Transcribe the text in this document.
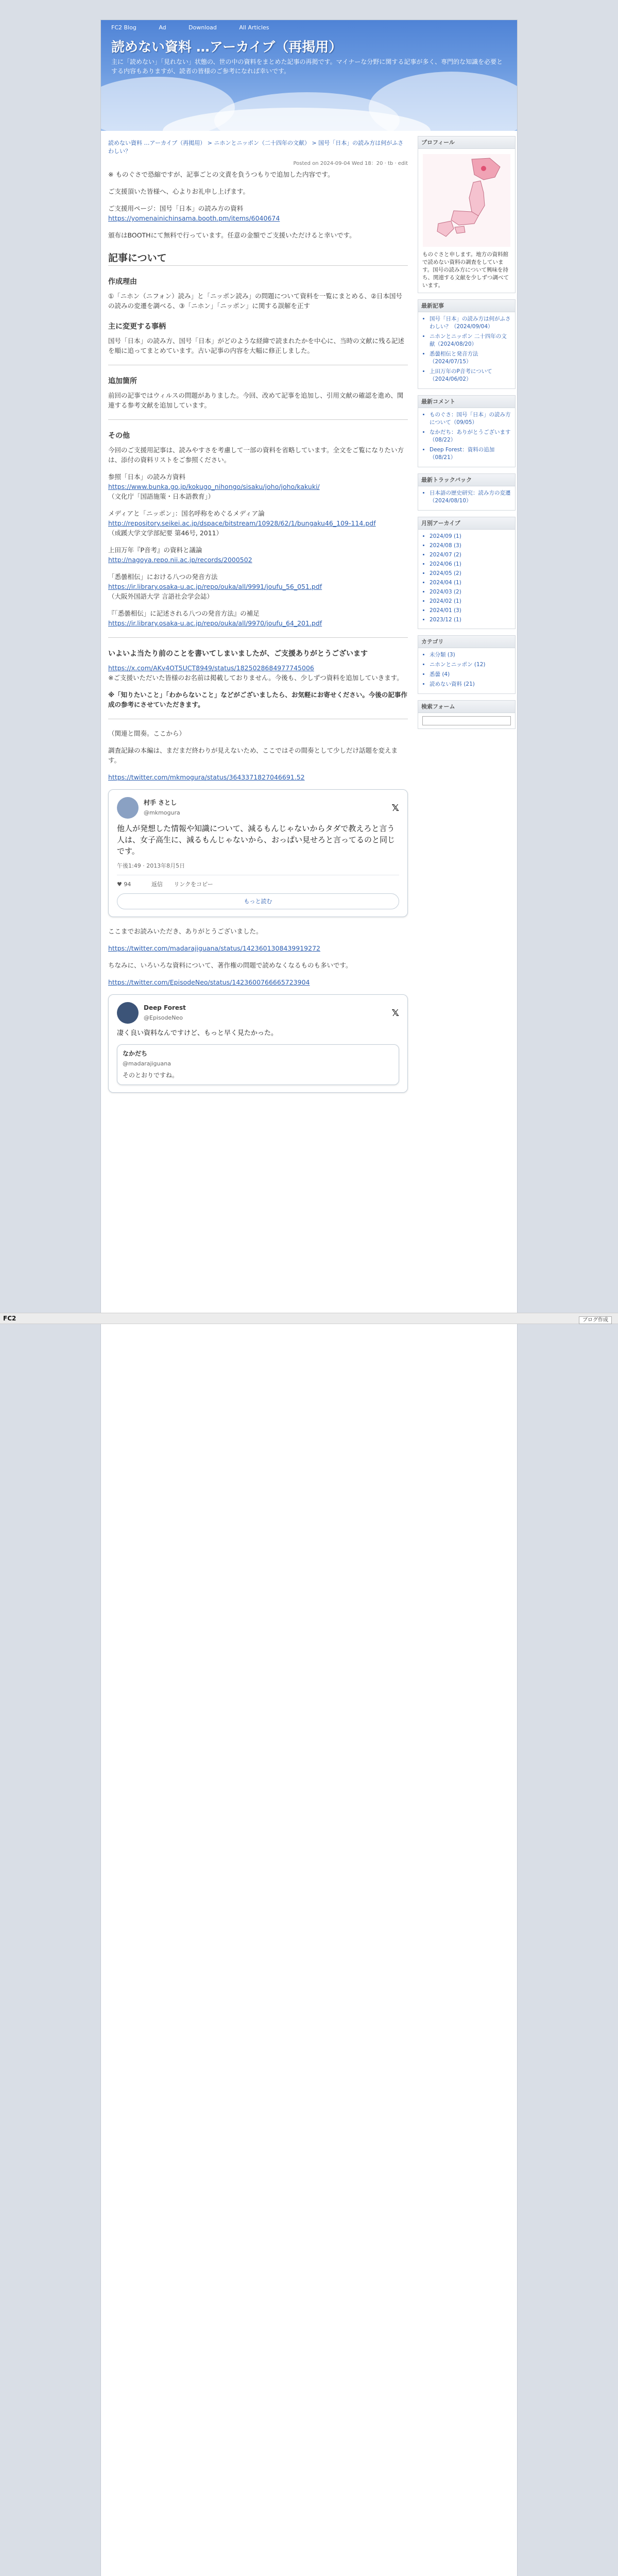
FC2 Blog	Ad	Download	All Articles
読めない資料 …アーカイブ（再掲用）
主に「読めない」「見れない」状態の、世の中の資料をまとめた記事の再掲です。マイナーな分野に関する記事が多く、専門的な知識を必要とする内容もありますが、読者の皆様のご参考になれば幸いです。
読めない資料 …アーカイブ（再掲用） > ニホンとニッポン（二十四年の文献） > 国号「日本」の読み方は何がふさわしい？
Posted on 2024-09-04 Wed 18：20 · tb · edit

※ ものぐさで恐縮ですが、記事ごとの文責を負うつもりで追加した内容です。

ご支援頂いた皆様へ、心よりお礼申し上げます。

ご支援用ページ：国号「日本」の読み方の資料
https://yomenainichinsama.booth.pm/items/6040674

頒布はBOOTHにて無料で行っています。任意の金額でご支援いただけると幸いです。

記事について
作成理由

①「ニホン（ニフォン）読み」と「ニッポン読み」の問題について資料を一覧にまとめる、②日本国号の読みの変遷を調べる、③「ニホン」「ニッポン」に関する誤解を正す

主に変更する事柄

国号「日本」の読み方、国号「日本」がどのような経緯で読まれたかを中心に、当時の文献に残る記述を順に追ってまとめています。古い記事の内容を大幅に修正しました。

追加箇所

前回の記事ではウィルスの問題がありました。今回、改めて記事を追加し、引用文献の確認を進め、関連する参考文献を追加しています。

その他

今回のご支援用記事は、読みやすさを考慮して一部の資料を省略しています。全文をご覧になりたい方は、添付の資料リストをご参照ください。

参照「日本」の読み方資料
https://www.bunka.go.jp/kokugo_nihongo/sisaku/joho/joho/kakuki/
（文化庁「国語施策・日本語教育」）

メディアと「ニッポン」：国名呼称をめぐるメディア論
http://repository.seikei.ac.jp/dspace/bitstream/10928/62/1/bungaku46_109-114.pdf
（成蹊大学文学部紀要 第46号, 2011）

上田万年『P音考』の資料と議論
http://nagoya.repo.nii.ac.jp/records/2000502

「悉曇相伝」における八つの発音方法
https://ir.library.osaka-u.ac.jp/repo/ouka/all/9991/joufu_56_051.pdf
（大阪外国語大学 言語社会学会誌）

『「悉曇相伝」に記述される八つの発音方法』の補足
https://ir.library.osaka-u.ac.jp/repo/ouka/all/9970/joufu_64_201.pdf

いよいよ当たり前のことを書いてしまいましたが、ご支援ありがとうございます

https://x.com/AKv4OT5UCT8949/status/1825028684977745006
※ご支援いただいた皆様のお名前は掲載しておりません。今後も、少しずつ資料を追加していきます。

※「知りたいこと」「わからないこと」などがございましたら、お気軽にお寄せください。今後の記事作成の参考にさせていただきます。

（関連と間奏。ここから）

調査記録の本編は、まだまだ終わりが見えないため、ここではその間奏として少しだけ話題を変えます。

https://twitter.com/mkmogura/status/3643371827046691.52

村手 さとし
@mkmogura	𝕏
他人が発想した情報や知識について、減るもんじゃないからタダで教えろと言う人は、女子高生に、減るもんじゃないから、おっぱい見せろと言ってるのと同じです。
午後1:49 · 2013年8月5日
♥ 94	返信 リンクをコピー
もっと読む

ここまでお読みいただき、ありがとうございました。

https://twitter.com/madarajiguana/status/1423601308439919272

ちなみに、いろいろな資料について、著作権の問題で読めなくなるものも多いです。

https://twitter.com/EpisodeNeo/status/1423600766665723904

Deep Forest
@EpisodeNeo	𝕏
凄く良い資料なんですけど、もっと早く見たかった。
なかだち
@madarajiguana
そのとおりですね。
プロフィール
ものぐさと申します。地方の資料館で読めない資料の調査をしています。国号の読み方について興味を持ち、関連する文献を少しずつ調べています。
最新記事
• 国号「日本」の読み方は何がふさわしい？（2024/09/04）
• ニホンとニッポン 二十四年の文献（2024/08/20）
• 悉曇相伝と発音方法（2024/07/15）
• 上田万年のP音考について（2024/06/02）
最新コメント
• ものぐさ：国号「日本」の読み方について（09/05）
• なかだち：ありがとうございます（08/22）
• Deep Forest：資料の追加（08/21）
最新トラックバック
• 日本語の歴史研究：読み方の変遷（2024/08/10）
月別アーカイブ
• 2024/09 (1)
• 2024/08 (3)
• 2024/07 (2)
• 2024/06 (1)
• 2024/05 (2)
• 2024/04 (1)
• 2024/03 (2)
• 2024/02 (1)
• 2024/01 (3)
• 2023/12 (1)
カテゴリ
• 未分類 (3)
• ニホンとニッポン (12)
• 悉曇 (4)
• 読めない資料 (21)
検索フォーム
FC2	ブログ作成
